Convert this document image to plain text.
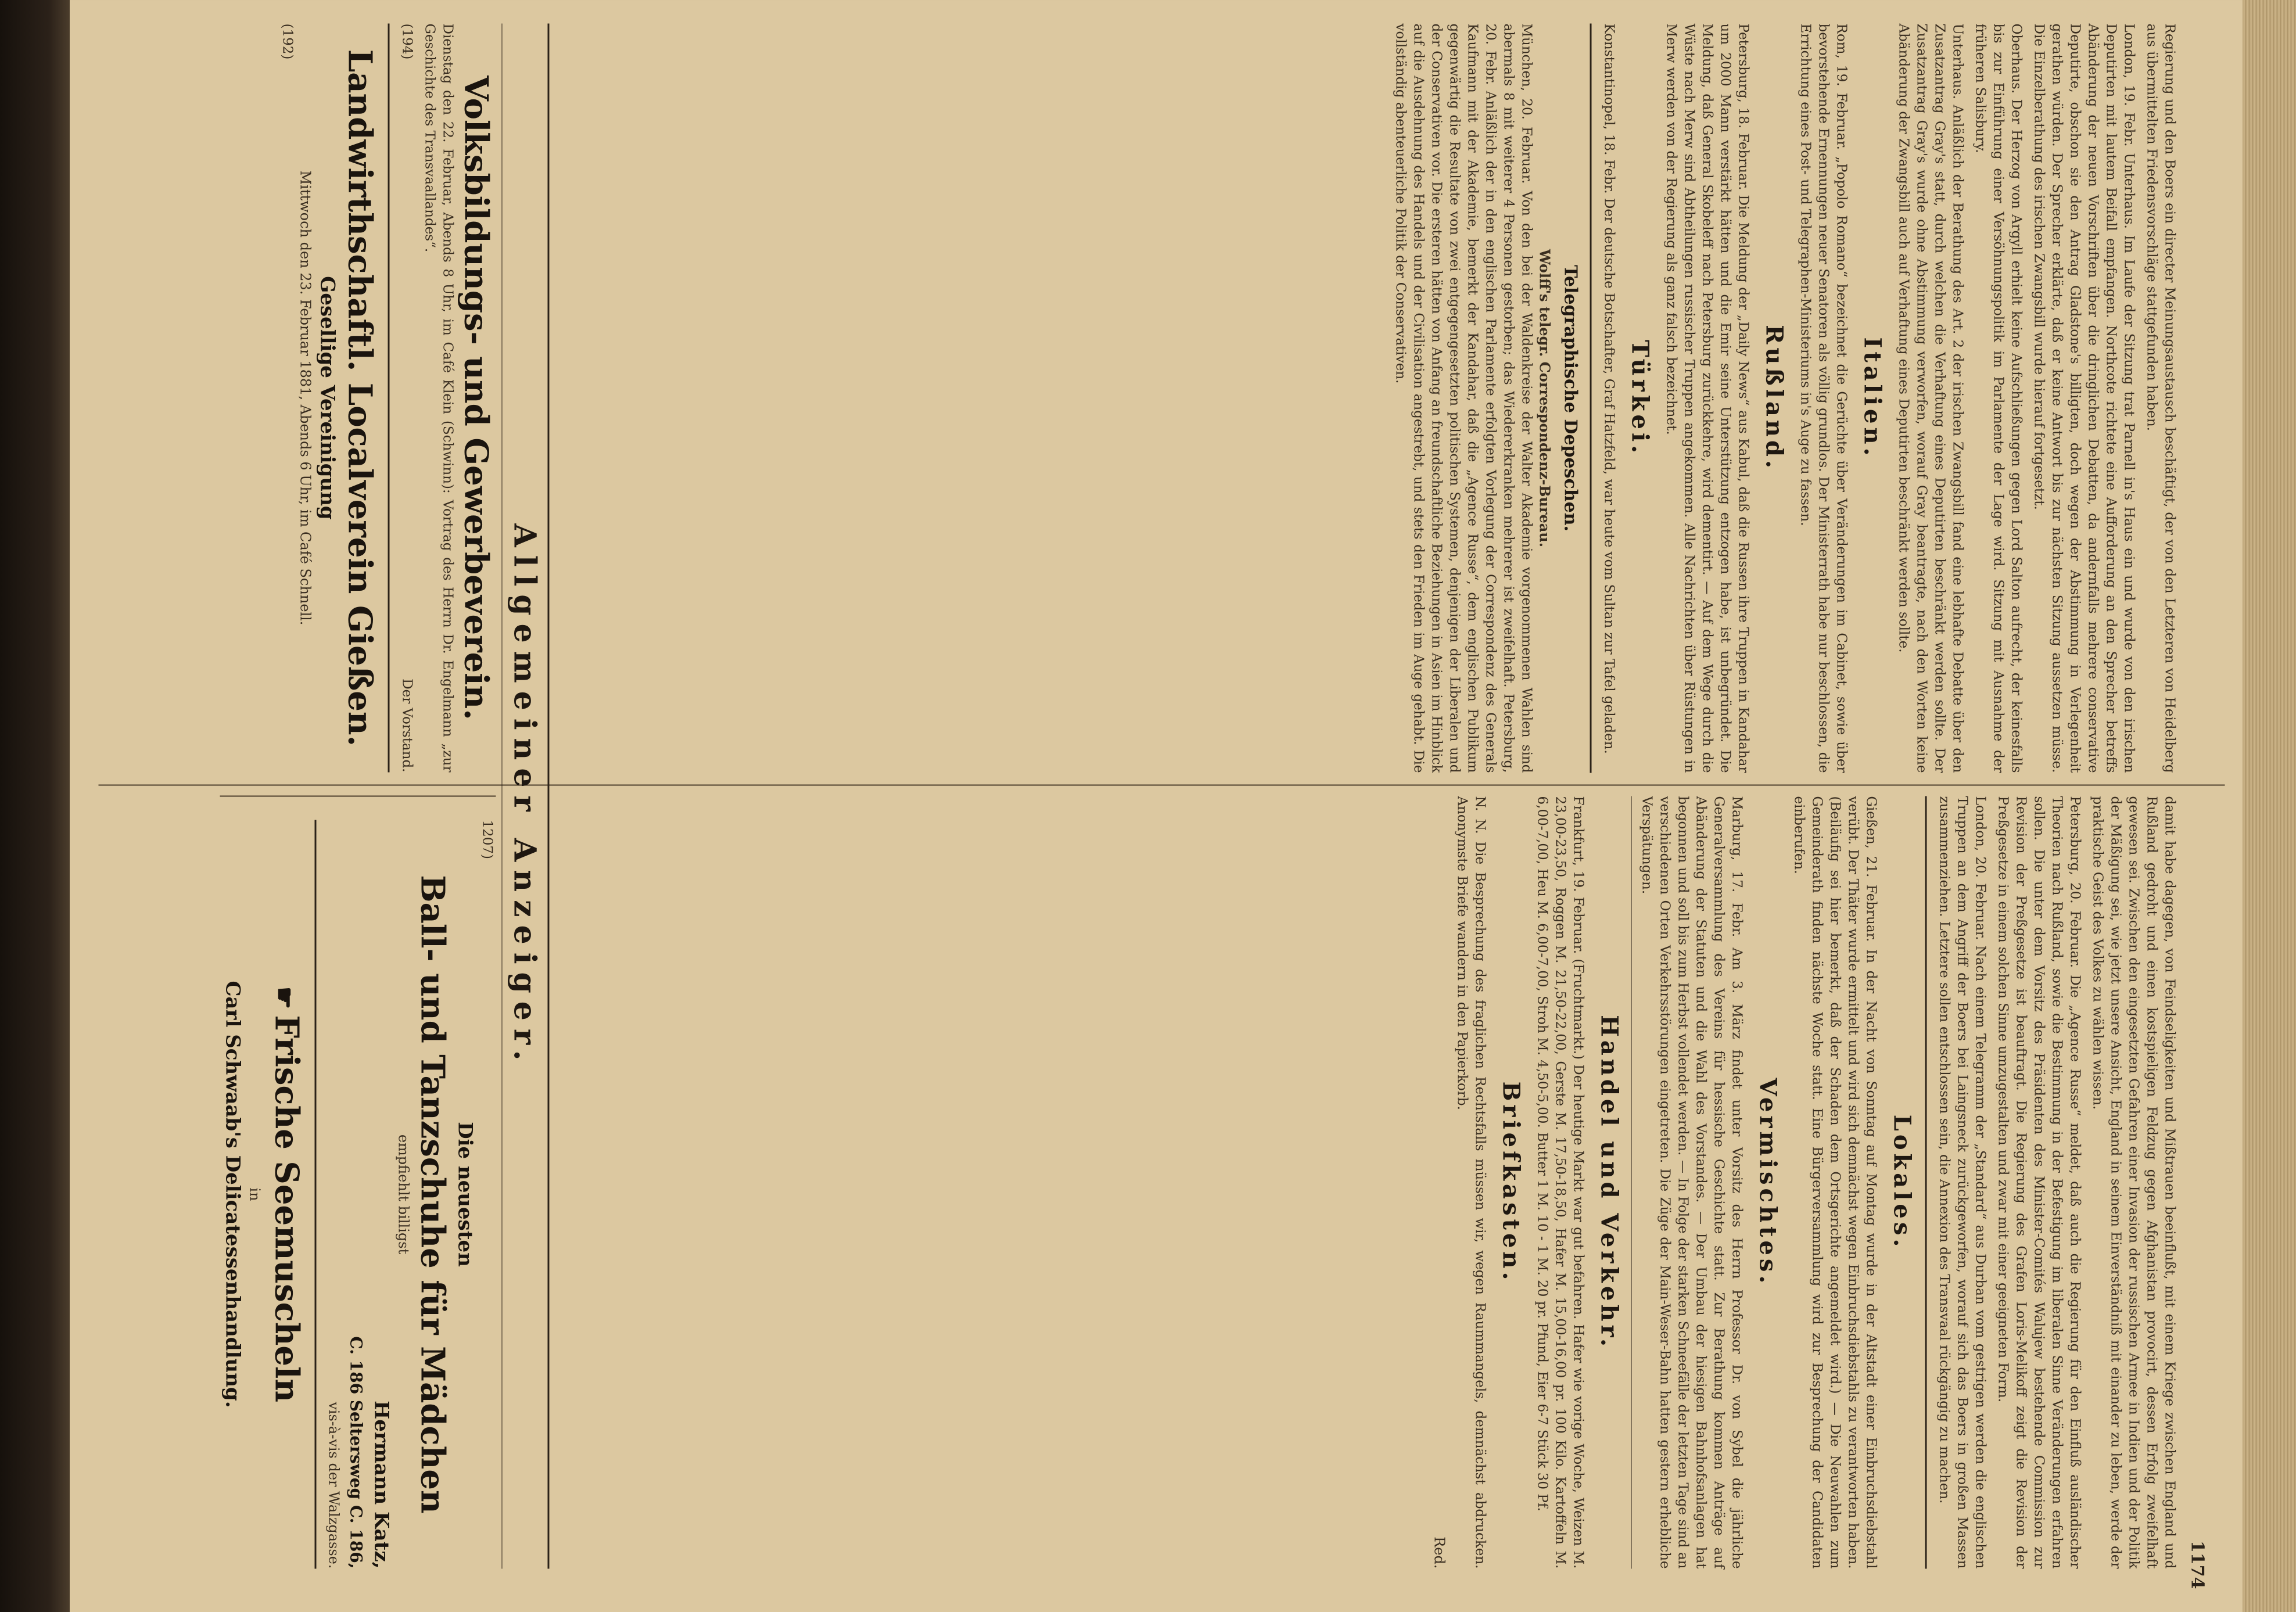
1174

Regierung und den Boers ein directer Meinungsaustausch beschäftigt, der von den Letzteren von Heidelberg aus übermittelten Friedensvorschläge stattgefunden haben.

London, 19. Febr. Unterhaus. Im Laufe der Sitzung trat Parnell in's Haus ein und wurde von den irischen Deputirten mit lautem Beifall empfangen. Northcote richtete eine Aufforderung an den Sprecher betreffs Abänderung der neuen Vorschriften über die dringlichen Debatten, da andernfalls mehrere conservative Deputirte, obschon sie den Antrag Gladstone's billigten, doch wegen der Abstimmung in Verlegenheit gerathen würden. Der Sprecher erklärte, daß er keine Antwort bis zur nächsten Sitzung aussetzen müsse. Die Einzelberathung des irischen Zwangsbill wurde hierauf fortgesetzt.

Oberhaus. Der Herzog von Argyll erhielt keine Aufschließungen gegen Lord Salton aufrecht, der keinesfalls bis zur Einführung einer Versöhnungspolitik im Parlamente der Lage wird. Sitzung mit Ausnahme der früheren Salisbury.

Unterhaus. Anläßlich der Berathung des Art. 2 der irischen Zwangsbill fand eine lebhafte Debatte über den Zusatzantrag Gray's statt, durch welchen die Verhaftung eines Deputirten beschränkt werden sollte. Der Zusatzantrag Gray's wurde ohne Abstimmung verworfen, worauf Gray beantragte, nach den Worten keine Abänderung der Zwangsbill auch auf Verhaftung eines Deputirten beschränkt werden sollte.

Italien.

Rom, 19. Februar. „Popolo Romano“ bezeichnet die Gerüchte über Veränderungen im Cabinet, sowie über bevorstehende Ernennungen neuer Senatoren als völlig grundlos. Der Ministerrath habe nur beschlossen, die Errichtung eines Post- und Telegraphen-Ministeriums in's Auge zu fassen.

Rußland.

Petersburg, 18. Februar. Die Meldung der „Daily News“ aus Kabul, daß die Russen ihre Truppen in Kandahar um 2000 Mann verstärkt hätten und die Emir seine Unterstützung entzogen habe, ist unbegründet. Die Meldung, daß General Skobeleff nach Petersburg zurückkehre, wird dementirt. — Auf dem Wege durch die Wüste nach Merw sind Abtheilungen russischer Truppen angekommen. Alle Nachrichten über Rüstungen in Merw werden von der Regierung als ganz falsch bezeichnet.

Türkei.

Konstantinopel, 18. Febr. Der deutsche Botschafter, Graf Hatzfeld, war heute vom Sultan zur Tafel geladen.

Telegraphische Depeschen.
Wolff's telegr. Correspondenz-Bureau.

München, 20. Februar. Von den bei der Waldenkreise der Walter Akademie vorgenommenen Wahlen sind abermals 8 mit weiterer 4 Personen gestorben; das Wiedererkranken mehrerer ist zweifelhaft. Petersburg, 20. Febr. Anläßlich der in den englischen Parlamente erfolgten Vorlegung der Correspondenz des Generals Kaufmann mit der Akademie, bemerkt der Kandahar, daß die „Agence Russe“, dem englischen Publikum gegenwärtig die Resultate von zwei entgegengesetzten politischen Systemen, denjenigen der Liberalen und der Conservativen vor. Die ersteren hätten von Anfang an freundschaftliche Beziehungen in Asien im Hinblick auf die Ausdehnung des Handels und der Civilisation angestrebt, und stets den Frieden im Auge gehabt. Die vollständig abenteuerliche Politik der Conservativen.

damit habe dagegen, von Feindseligkeiten und Mißtrauen beeinflußt, mit einem Kriege zwischen England und Rußland gedroht und einen kostspieligen Feldzug gegen Afghanistan provocirt, dessen Erfolg zweifelhaft gewesen sei. Zwischen den eingesetzten Gefahren einer Invasion der russischen Armee in Indien und der Politik der Mäßigung sei, wie jetzt unsere Ansicht, England in seinem Einverständniß mit einander zu leben, werde der praktische Geist des Volkes zu wählen wissen.

Petersburg, 20. Februar. Die „Agence Russe“ meldet, daß auch die Regierung für den Einfluß ausländischer Theorien nach Rußland, sowie die Bestimmung in der Befestigung im liberalen Sinne Veränderungen erfahren sollen. Die unter dem Vorsitz des Präsidenten des Minister-Comités Walujew bestehende Commission zur Revision der Preßgesetze ist beauftragt. Die Regierung des Grafen Loris-Melikoff zeigt die Revision der Preßgesetze in einem solchen Sinne umzugestalten und zwar mit einer geeigneten Form.

London, 20. Februar. Nach einem Telegramm der „Standard“ aus Durban vom gestrigen werden die englischen Truppen an dem Angriff der Boers bei Laingsneck zurückgeworfen, worauf sich das Boers in großen Massen zusammenziehen. Letztere sollen entschlossen sein, die Annexion des Transvaal rückgängig zu machen.

Lokales.

Gießen, 21. Februar. In der Nacht von Sonntag auf Montag wurde in der Altstadt einer Einbruchsdiebstahl verübt. Der Thäter wurde ermittelt und wird sich demnächst wegen Einbruchsdiebstahls zu verantworten haben. (Beiläufig sei hier bemerkt, daß der Schaden dem Ortsgerichte angemeldet wird.) — Die Neuwahlen zum Gemeinderath finden nächste Woche statt. Eine Bürgerversammlung wird zur Besprechung der Candidaten einberufen.

Vermischtes.

Marburg, 17. Febr. Am 3. März findet unter Vorsitz des Herrn Professor Dr. von Sybel die jährliche Generalversammlung des Vereins für hessische Geschichte statt. Zur Berathung kommen Anträge auf Abänderung der Statuten und die Wahl des Vorstandes. — Der Umbau der hiesigen Bahnhofsanlagen hat begonnen und soll bis zum Herbst vollendet werden. — In Folge der starken Schneefälle der letzten Tage sind an verschiedenen Orten Verkehrsstörungen eingetreten. Die Züge der Main-Weser-Bahn hatten gestern erhebliche Verspätungen.

Handel und Verkehr.

Frankfurt, 19. Februar. (Fruchtmarkt.) Der heutige Markt war gut befahren. Hafer wie vorige Woche, Weizen M. 23,00-23,50, Roggen M. 21,50-22,00, Gerste M. 17,50-18,50, Hafer M. 15,00-16,00 pr. 100 Kilo. Kartoffeln M. 6,00-7,00, Heu M. 6,00-7,00, Stroh M. 4,50-5,00. Butter 1 M. 10 - 1 M. 20 pr. Pfund, Eier 6-7 Stück 30 Pf.

Briefkasten.

N. N. Die Besprechung des fraglichen Rechtsfalls müssen wir, wegen Raummangels, demnächst abdrucken. Anonymste Briefe wandern in den Papierkorb.

Red.
Allgemeiner Anzeiger.
Volksbildungs- und Gewerbeverein.

Dienstag den 22. Februar, Abends 8 Uhr, im Café Klein (Schwinn): Vortrag des Herrn Dr. Engelmann „zur Geschichte des Transvaallandes“.

(194)
Der Vorstand.
Landwirthschaftl. Localverein Gießen.
Gesellige Vereinigung
Mittwoch den 23. Februar 1881, Abends 6 Uhr, im Café Schnell.
(192)
1207)
Die neuesten
Ball- und Tanzschuhe für Mädchen
empfiehlt billigst
Hermann Katz,
C. 186 Seltersweg C. 186,
vis-à-vis der Walzgasse.
☛Frische Seemuscheln
in
Carl Schwaab's Delicatessenhandlung.
